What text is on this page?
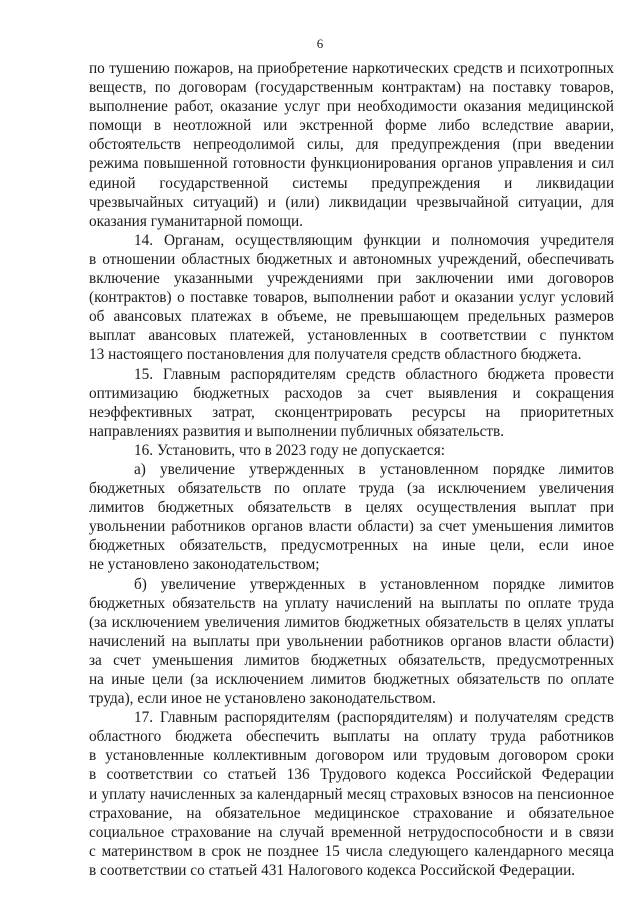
6
по тушению пожаров, на приобретение наркотических средств и психотропных
веществ, по договорам (государственным контрактам) на поставку товаров,
выполнение работ, оказание услуг при необходимости оказания медицинской
помощи в неотложной или экстренной форме либо вследствие аварии,
обстоятельств непреодолимой силы, для предупреждения (при введении
режима повышенной готовности функционирования органов управления и сил
единой государственной системы предупреждения и ликвидации
чрезвычайных ситуаций) и (или) ликвидации чрезвычайной ситуации, для
оказания гуманитарной помощи.
14. Органам, осуществляющим функции и полномочия учредителя
в отношении областных бюджетных и автономных учреждений, обеспечивать
включение указанными учреждениями при заключении ими договоров
(контрактов) о поставке товаров, выполнении работ и оказании услуг условий
об авансовых платежах в объеме, не превышающем предельных размеров
выплат авансовых платежей, установленных в соответствии с пунктом
13 настоящего постановления для получателя средств областного бюджета.
15. Главным распорядителям средств областного бюджета провести
оптимизацию бюджетных расходов за счет выявления и сокращения
неэффективных затрат, сконцентрировать ресурсы на приоритетных
направлениях развития и выполнении публичных обязательств.
16. Установить, что в 2023 году не допускается:
а) увеличение утвержденных в установленном порядке лимитов
бюджетных обязательств по оплате труда (за исключением увеличения
лимитов бюджетных обязательств в целях осуществления выплат при
увольнении работников органов власти области) за счет уменьшения лимитов
бюджетных обязательств, предусмотренных на иные цели, если иное
не установлено законодательством;
б) увеличение утвержденных в установленном порядке лимитов
бюджетных обязательств на уплату начислений на выплаты по оплате труда
(за исключением увеличения лимитов бюджетных обязательств в целях уплаты
начислений на выплаты при увольнении работников органов власти области)
за счет уменьшения лимитов бюджетных обязательств, предусмотренных
на иные цели (за исключением лимитов бюджетных обязательств по оплате
труда), если иное не установлено законодательством.
17. Главным распорядителям (распорядителям) и получателям средств
областного бюджета обеспечить выплаты на оплату труда работников
в установленные коллективным договором или трудовым договором сроки
в соответствии со статьей 136 Трудового кодекса Российской Федерации
и уплату начисленных за календарный месяц страховых взносов на пенсионное
страхование, на обязательное медицинское страхование и обязательное
социальное страхование на случай временной нетрудоспособности и в связи
с материнством в срок не позднее 15 числа следующего календарного месяца
в соответствии со статьей 431 Налогового кодекса Российской Федерации.
